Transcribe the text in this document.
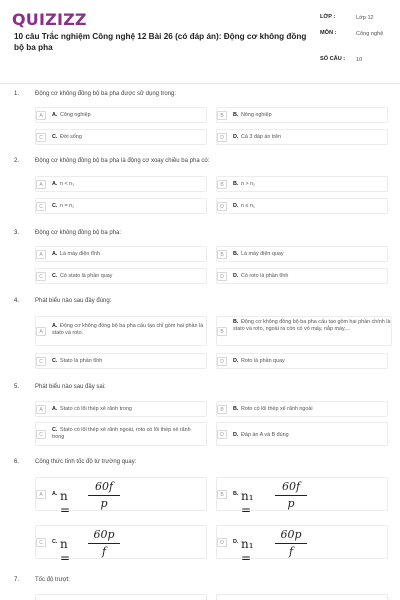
QUIZIZZ
10 câu Trắc nghiệm Công nghệ 12 Bài 26 (có đáp án): Động cơ không đồng bộ ba pha
LỚP :	Lớp 12
MÔN :	Công nghệ
SỐ CÂU : 10
1.	Động cơ không đồng bộ ba pha được sử dụng trong:
A	A. Công nghiệp	B	B. Nông nghiệp
C	C. Đời sống	D	D. Cả 3 đáp án trên
2.	Động cơ không đồng bộ ba pha là động cơ xoay chiều ba pha có:
A	A. n < n₁	B	B. n > n₁
C	C. n = n₁	D	D. n ≤ n₁
3.	Động cơ không đồng bộ ba pha:
A	A. Là máy điện tĩnh	B	B. Là máy điện quay
C	C. Có stato là phần quay	D	D. Có roto là phần tĩnh
4.	Phát biểu nào sau đây đúng:
A
A. Động cơ không đồng bộ ba pha cấu tạo chỉ gồm hai phần là stato và roto.	B
B. Động cơ không đồng bộ ba pha cấu tạo gồm hai phần chính là stato và roto, ngoài ra còn có vỏ máy, nắp máy,...
C	C. Stato là phần tĩnh	D	D. Roto là phần quay
5.	Phát biểu nào sau đây sai:
A	A. Stato có lõi thép xẻ rãnh trong	B	B. Roto có lõi thép xẻ rãnh ngoài
C
C. Stato có lõi thép xẻ rãnh ngoài, roto có lõi thép xẻ rãnh trong	D	D. Đáp án A và B đúng
6.	Công thức tính tốc độ từ trường quay:
A	A. n =
60f
p
B	B. n₁ =
60f
p
C	C. n =
60p
f
D	D. n₁ =
60p
f
7.	Tốc độ trượt:
